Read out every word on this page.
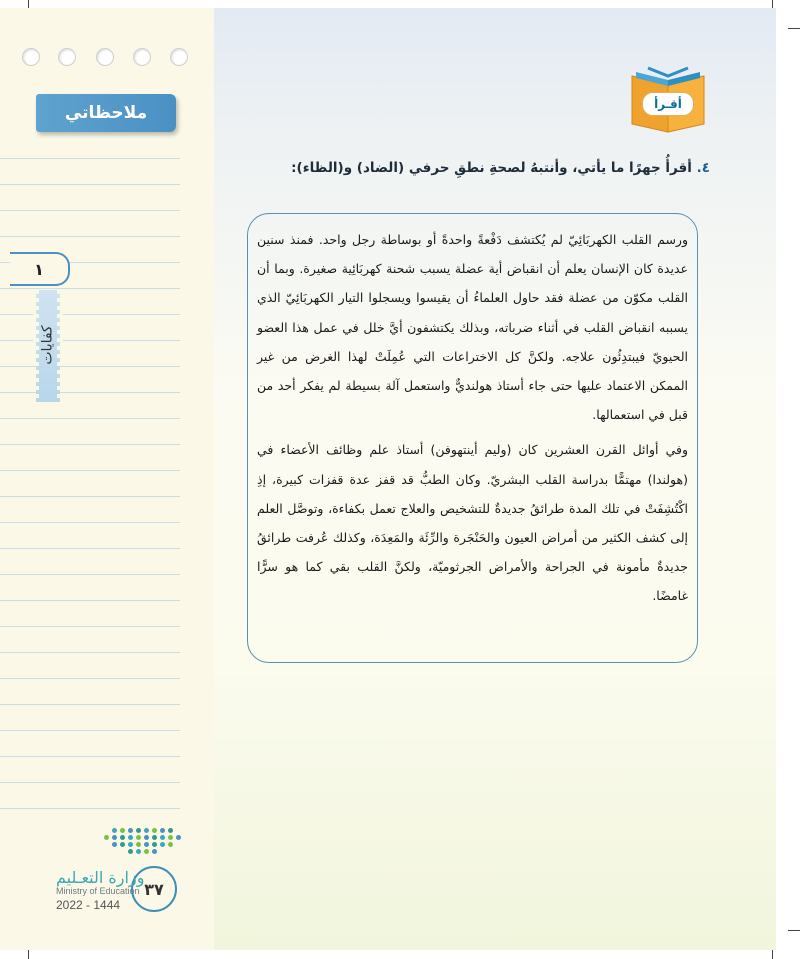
ملاحظاتي
١
كفايات
٣٧
وزارة التعـليم
Ministry of Education
2022 - 1444
أقـرأ
٤. أقرأُ جهرًا ما يأتي، وأنتبهُ لصحةِ نطقِ حرفي (الضاد) و(الظاء):

ورسم القلب الكهربَائِيّ لم يُكتشف دَفْعةً واحدةً أو بوساطة رجل واحد. فمنذ سنين عديدة كان الإنسان يعلم أن انقباض أية عضلة يسبب شحنة كهربَائِية صغيرة. وبما أن القلب مكوّن من عضلة فقد حاول العلماءُ أن يقيسوا ويسجلوا التيار الكهربَائِيّ الذي يسببه انقباض القلب في أثناء ضرباته، وبذلك يكتشفون أيَّ خلل في عمل هذا العضو الحيويّ فيبتدِئُون علاجه. ولكنَّ كل الاختراعات التي عُمِلَتْ لهذا الغرض من غير الممكن الاعتماد عليها حتى جاء أستاذ هولنديٌّ واستعمل آلة بسيطة لم يفكر أحد من قبل في استعمالها.

وفي أوائل القرن العشرين كان (وليم أينتهوفن) أستاذ علم وظائف الأعضاء في (هولندا) مهتمًّا بدراسة القلب البشريّ. وكان الطبُّ قد قفز عدة قفزات كبيرة، إذِ اكْتُشِفَتْ في تلك المدة طرائقُ جديدةٌ للتشخيص والعلاج تعمل بكفاءة، وتوصَّل العلم إلى كشف الكثير من أمراض العيون والحَنْجَرة والرِّئَة والمَعِدَة، وكذلك عُرفت طرائقُ جديدةٌ مأمونة في الجراحة والأمراض الجرثوميّة، ولكنَّ القلب بقي كما هو سرًّا غامضًا.
